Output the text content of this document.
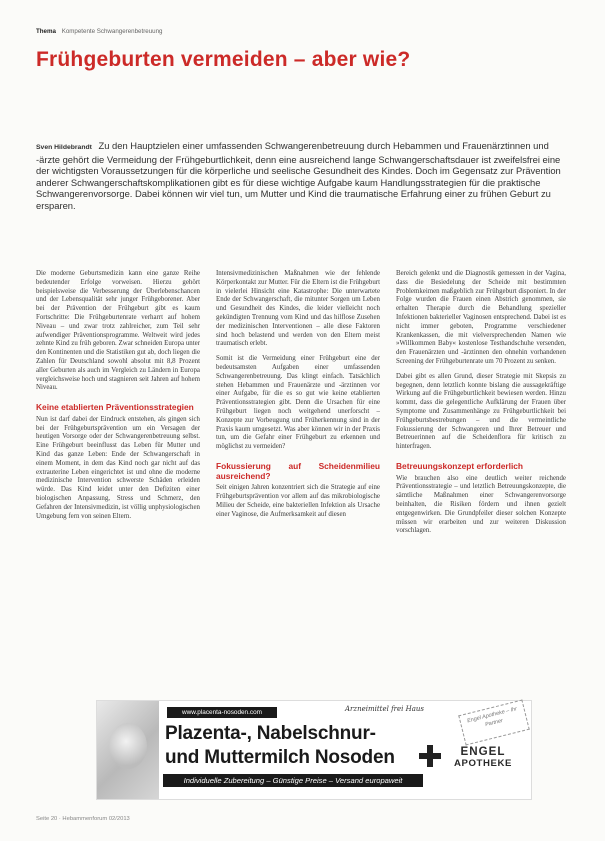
Thema Kompetente Schwangerenbetreuung
Frühgeburten vermeiden – aber wie?
Sven Hildebrandt Zu den Hauptzielen einer umfassenden Schwangerenbetreuung durch Hebammen und Frauenärztinnen und -ärzte gehört die Vermeidung der Frühgeburtlichkeit, denn eine ausreichend lange Schwangerschaftsdauer ist zweifelsfrei eine der wichtigsten Voraussetzungen für die körperliche und seelische Gesundheit des Kindes. Doch im Gegensatz zur Prävention anderer Schwangerschaftskomplikationen gibt es für diese wichtige Aufgabe kaum Handlungsstrategien für die praktische Schwangerenvorsorge. Dabei können wir viel tun, um Mutter und Kind die traumatische Erfahrung einer zu frühen Geburt zu ersparen.

Die moderne Geburtsmedizin kann eine ganze Reihe bedeutender Erfolge vorweisen. Hierzu gehört beispielsweise die Verbesserung der Überlebenschancen und der Lebensqualität sehr junger Frühgeborener. Aber bei der Prävention der Frühgeburt gibt es kaum Fortschritte: Die Frühgeburtenrate verharrt auf hohem Niveau – und zwar trotz zahlreicher, zum Teil sehr aufwendiger Präventionsprogramme. Weltweit wird jedes zehnte Kind zu früh geboren. Zwar schneiden Europa unter den Kontinenten und die Statistiken gut ab, doch liegen die Zahlen für Deutschland sowohl absolut mit 8,8 Prozent aller Geburten als auch im Vergleich zu Ländern in Europa vergleichsweise hoch und stagnieren seit Jahren auf hohem Niveau.

Keine etablierten Präventionsstrategien

Nun ist darf dabei der Eindruck entstehen, als gingen sich bei der Frühgeburtsprävention um ein Versagen der heutigen Vorsorge oder der Schwangerenbetreuung selbst. Eine Frühgeburt beeinflusst das Leben für Mutter und Kind das ganze Leben: Ende der Schwangerschaft in einem Moment, in dem das Kind noch gar nicht auf das extrauterine Leben eingerichtet ist und ohne die moderne medizinische Intervention schwerste Schäden erleiden würde. Das Kind leidet unter den Defiziten einer biologischen Anpassung, Stress und Schmerz, den Gefahren der Intensivmedizin, ist völlig unphysiologischen Umgebung fern von seinen Eltern.

Intensivmedizinischen Maßnahmen wie der fehlende Körperkontakt zur Mutter. Für die Eltern ist die Frühgeburt in vielerlei Hinsicht eine Katastrophe: Die unterwartete Ende der Schwangerschaft, die mitunter Sorgen um Leben und Gesundheit des Kindes, die leider vielleicht noch gekündigten Trennung vom Kind und das hilflose Zusehen der medizinischen Interventionen – alle diese Faktoren sind hoch belastend und werden von den Eltern meist traumatisch erlebt.

Somit ist die Vermeidung einer Frühgeburt eine der bedeutsamsten Aufgaben einer umfassenden Schwangerenbetreuung. Das klingt einfach. Tatsächlich stehen Hebammen und Frauenärzte und -ärztinnen vor einer Aufgabe, für die es so gut wie keine etablierten Präventionsstrategien gibt. Denn die Ursachen für eine Frühgeburt liegen noch weitgehend unerforscht – Konzepte zur Vorbeugung und Früherkennung sind in der Praxis kaum umgesetzt. Was aber können wir in der Praxis tun, um die Gefahr einer Frühgeburt zu erkennen und möglichst zu vermeiden?

Fokussierung auf Scheidenmilieu ausreichend?

Seit einigen Jahren konzentriert sich die Strategie auf eine Frühgeburtsprävention vor allem auf das mikrobiologische Milieu der Scheide, eine bakteriellen Infektion als Ursache einer Vaginose, die Aufmerksamkeit auf diesen

Bereich gelenkt und die Diagnostik gemessen in der Vagina, dass die Besiedelung der Scheide mit bestimmten Problemkeimen maßgeblich zur Frühgeburt disponiert. In der Folge wurden die Frauen einen Abstrich genommen, sie erhalten Therapie durch die Behandlung spezieller Infektionen bakterieller Vaginosen entsprechend. Dabei ist es nicht immer geboten, Programme verschiedener Krankenkassen, die mit vielversprechenden Namen wie »Willkommen Baby« kostenlose Testhandschuhe versenden, den Frauenärzten und -ärztinnen den ohnehin vorhandenen Screening der Frühgeburtenrate um 70 Prozent zu senken.

Dabei gibt es allen Grund, dieser Strategie mit Skepsis zu begegnen, denn letztlich konnte bislang die aussagekräftige Wirkung auf die Frühgeburtlichkeit bewiesen werden. Hinzu kommt, dass die gelegentliche Aufklärung der Frauen über Symptome und Zusammenhänge zu Frühgeburtlichkeit bei Frühgeburtsbestrebungen – und die vermeintliche Fokussierung der Schwangeren und Ihrer Betreuer und Betreuerinnen auf die Scheidenflora für kritisch zu hinterfragen.

Betreuungskonzept erforderlich

Wie brauchen also eine deutlich weiter reichende Präventionsstrategie – und letztlich Betreuungskonzepte, die sämtliche Maßnahmen einer Schwangerenvorsorge beinhalten, die Risiken fördern und ihnen gezielt entgegenwirken. Die Grundpfeiler dieser solchen Konzepte müssen wir erarbeiten und zur weiteren Diskussion vorschlagen.

www.placenta-nosoden.com	Arzneimittel frei Haus	Engel Apotheke – Ihr Partner
Plazenta-, Nabelschnur-
und Muttermilch Nosoden
Individuelle Zubereitung – Günstige Preise – Versand europaweit
ENGEL
APOTHEKE
Seite 20 · Hebammenforum 02/2013
